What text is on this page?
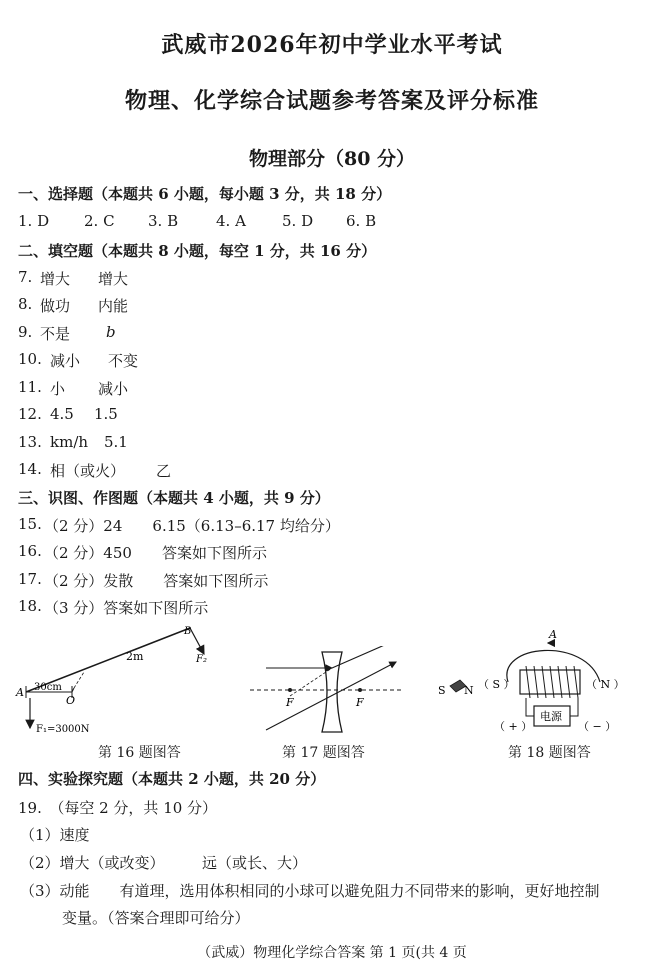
武威市2026年初中学业水平考试
物理、化学综合试题参考答案及评分标准
物理部分（80 分）
一、选择题（本题共 6 小题，每小题 3 分，共 18 分）
1. D 2. C 3. B	4. A 5. D 6. B
二、填空题（本题共 8 小题，每空 1 分，共 16 分）
7. 增大 增大
8. 做功 内能
9. 不是 b
10. 减小 不变
11. 小 减小
12. 4.5 1.5
13. km/h 5.1
14. 相（或火） 乙
三、识图、作图题（本题共 4 小题，共 9 分）
15. （2 分）24　　6.15（6.13–6.17 均给分）
16. （2 分）450　　答案如下图所示
17. （2 分）发散　　答案如下图所示
18. （3 分）答案如下图所示
A 30cm
O
2m
B
F₂
F₁=3000N
第 16 题图答
F	F
第 17 题图答
A
电源
（ + ）	（ − ）
（ S ）	（ N ）
S N
第 18 题图答
四、实验探究题（本题共 2 小题，共 20 分）
19.　（每空 2 分，共 10 分）
（1）速度
（2）增大（或改变）　　　远（或长、大）
（3）动能　　有道理，选用体积相同的小球可以避免阻力不同带来的影响，更好地控制
变量。（答案合理即可给分）
（武威）物理化学综合答案 第 1 页(共 4 页
